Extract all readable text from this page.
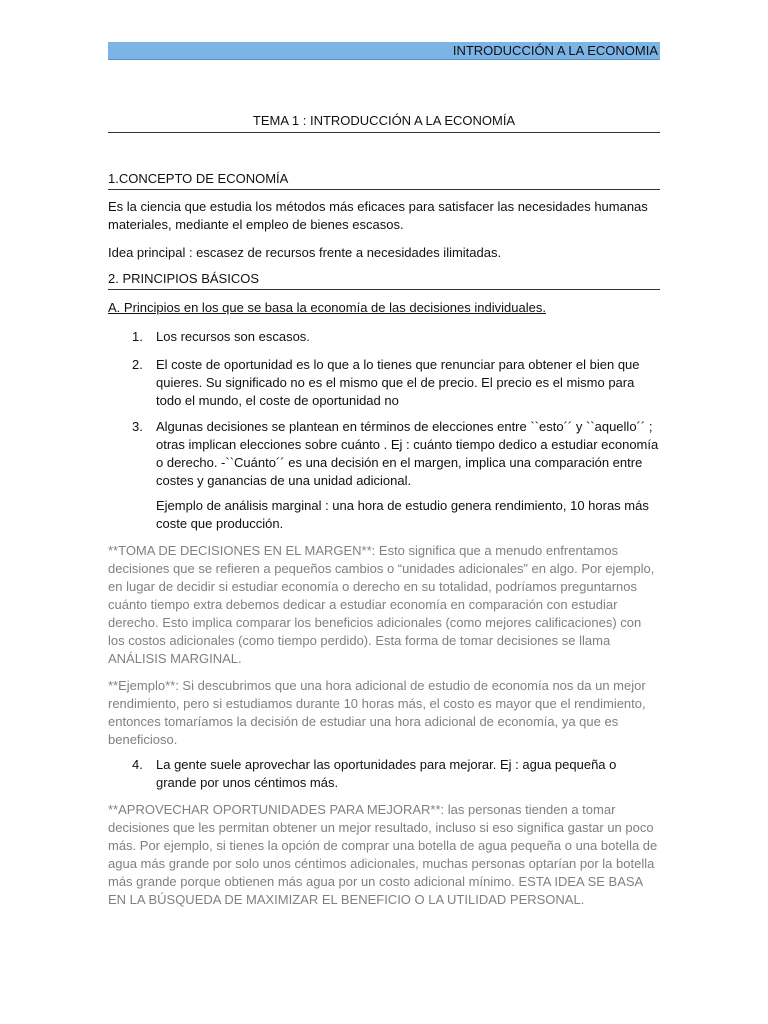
INTRODUCCIÓN A LA ECONOMIA
TEMA 1 : INTRODUCCIÓN A LA ECONOMÍA
1.CONCEPTO DE ECONOMÍA
Es la ciencia que estudia los métodos más eficaces para satisfacer las necesidades humanas materiales, mediante el empleo de bienes escasos.
Idea principal : escasez de recursos frente a necesidades ilimitadas.
2. PRINCIPIOS BÁSICOS
A. Principios en los que se basa la economía de las decisiones individuales.
1. Los recursos son escasos.
2. El coste de oportunidad es lo que a lo tienes que renunciar para obtener el bien que quieres. Su significado no es el mismo que el de precio. El precio es el mismo para todo el mundo, el coste de oportunidad no
3. Algunas decisiones se plantean en términos de elecciones entre ``esto´´ y ``aquello´´ ; otras implican elecciones sobre cuánto . Ej : cuánto tiempo dedico a estudiar economía o derecho. -``Cuánto´´ es una decisión en el margen, implica una comparación entre costes y ganancias de una unidad adicional.
Ejemplo de análisis marginal : una hora de estudio genera rendimiento, 10 horas más coste que producción.
**TOMA DE DECISIONES EN EL MARGEN**: Esto significa que a menudo enfrentamos decisiones que se refieren a pequeños cambios o “unidades adicionales” en algo. Por ejemplo, en lugar de decidir si estudiar economía o derecho en su totalidad, podríamos preguntarnos cuánto tiempo extra debemos dedicar a estudiar economía en comparación con estudiar derecho. Esto implica comparar los beneficios adicionales (como mejores calificaciones) con los costos adicionales (como tiempo perdido). Esta forma de tomar decisiones se llama ANÁLISIS MARGINAL.
**Ejemplo**: Si descubrimos que una hora adicional de estudio de economía nos da un mejor rendimiento, pero si estudiamos durante 10 horas más, el costo es mayor que el rendimiento, entonces tomaríamos la decisión de estudiar una hora adicional de economía, ya que es beneficioso.
4. La gente suele aprovechar las oportunidades para mejorar. Ej : agua pequeña o grande por unos céntimos más.
**APROVECHAR OPORTUNIDADES PARA MEJORAR**: las personas tienden a tomar decisiones que les permitan obtener un mejor resultado, incluso si eso significa gastar un poco más. Por ejemplo, si tienes la opción de comprar una botella de agua pequeña o una botella de agua más grande por solo unos céntimos adicionales, muchas personas optarían por la botella más grande porque obtienen más agua por un costo adicional mínimo. ESTA IDEA SE BASA EN LA BÚSQUEDA DE MAXIMIZAR EL BENEFICIO O LA UTILIDAD PERSONAL.
